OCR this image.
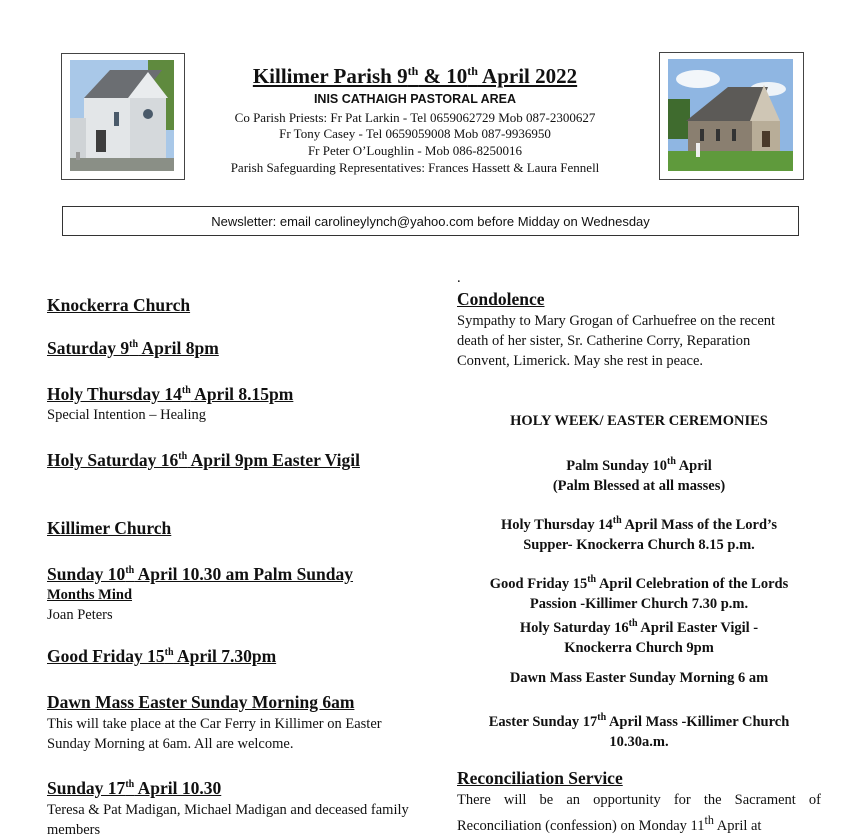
Killimer Parish 9th & 10th April 2022
INIS CATHAIGH PASTORAL AREA
Co Parish Priests: Fr Pat Larkin - Tel 0659062729 Mob 087-2300627
Fr Tony Casey - Tel 0659059008 Mob 087-9936950
Fr Peter O’Loughlin - Mob 086-8250016
Parish Safeguarding Representatives: Frances Hassett & Laura Fennell
Newsletter: email carolineylynch@yahoo.com before Midday on Wednesday
Knockerra Church
Saturday 9th April 8pm
Holy Thursday 14th April 8.15pm
Special Intention – Healing
Holy Saturday 16th April 9pm Easter Vigil
Killimer Church
Sunday 10th April 10.30 am Palm Sunday
Months Mind
Joan Peters
Good Friday 15th April 7.30pm
Dawn Mass Easter Sunday Morning 6am
This will take place at the Car Ferry in Killimer on Easter Sunday Morning at 6am. All are welcome.
Sunday 17th April 10.30
Teresa & Pat Madigan, Michael Madigan and deceased family members
.
Condolence
Sympathy to Mary Grogan of Carhuefree on the recent death of her sister, Sr. Catherine Corry, Reparation Convent, Limerick. May she rest in peace.
HOLY WEEK/ EASTER CEREMONIES
Palm Sunday 10th April
(Palm Blessed at all masses)
Holy Thursday 14th April Mass of the Lord’s
Supper- Knockerra Church 8.15 p.m.
Good Friday 15th April Celebration of the Lords
Passion -Killimer Church 7.30 p.m.
Holy Saturday 16th April Easter Vigil -
Knockerra Church 9pm
Dawn Mass Easter Sunday Morning 6 am
Easter Sunday 17th April Mass -Killimer Church
10.30a.m.
Reconciliation Service
There will be an opportunity for the Sacrament of Reconciliation (confession) on Monday 11th April at
